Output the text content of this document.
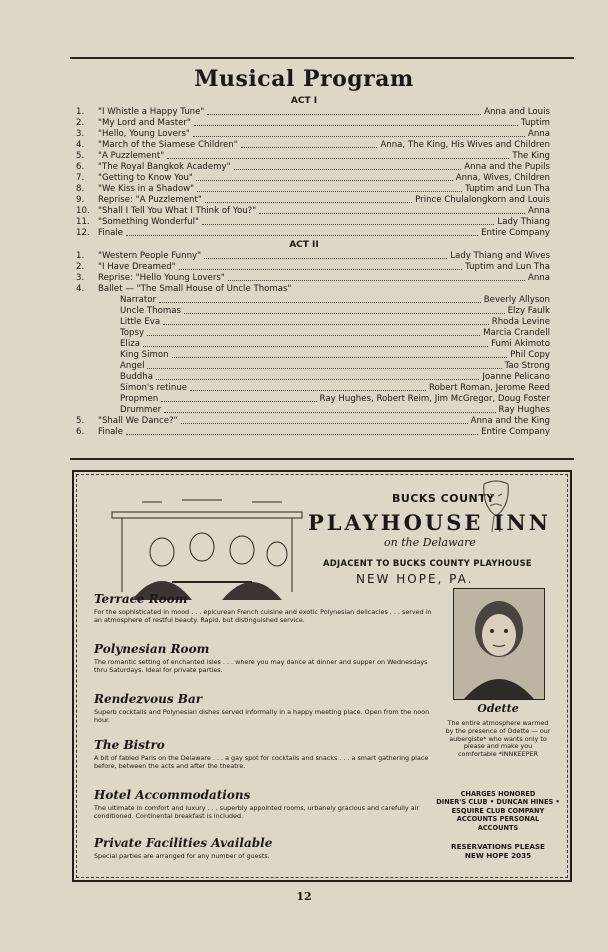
Musical Program
ACT I
1.	"I Whistle a Happy Tune"	Anna and Louis
2.	"My Lord and Master"	Tuptim
3.	"Hello, Young Lovers"	Anna
4.	"March of the Siamese Children"	Anna, The King, His Wives and Children
5.	"A Puzzlement"	The King
6.	"The Royal Bangkok Academy"	Anna and the Pupils
7.	"Getting to Know You"	Anna, Wives, Children
8.	"We Kiss in a Shadow"	Tuptim and Lun Tha
9.	Reprise: "A Puzzlement"	Prince Chulalongkorn and Louis
10. "Shall I Tell You What I Think of You?"	Anna
11. "Something Wonderful"	Lady Thiang
12. Finale	Entire Company
ACT II
1.	"Western People Funny"	Lady Thiang and Wives
2.	"I Have Dreamed"	Tuptim and Lun Tha
3.	Reprise: "Hello Young Lovers"	Anna
4.	Ballet — "The Small House of Uncle Thomas"
Narrator	Beverly Allyson
Uncle Thomas	Elzy Faulk
Little Eva	Rhoda Levine
Topsy	Marcia Crandell
Eliza	Fumi Akimoto
King Simon	Phil Copy
Angel	Tao Strong
Buddha	Joanne Pelicano
Simon's retinue	Robert Roman, Jerome Reed
Propmen	Ray Hughes, Robert Reim, Jim McGregor, Doug Foster
Drummer	Ray Hughes
5.	"Shall We Dance?"	Anna and the King
6.	Finale	Entire Company
BUCKS COUNTY
PLAYHOUSE INN
on the Delaware
ADJACENT TO BUCKS COUNTY PLAYHOUSE
NEW HOPE, PA.
Terrace Room
For the sophisticated in mood . . . epicurean French cuisine and exotic Polynesian delicacies . . . served in an atmosphere of restful beauty. Rapid, but distinguished service.
Polynesian Room
The romantic setting of enchanted isles . . . where you may dance at dinner and supper on Wednesdays thru Saturdays. Ideal for private parties.
Rendezvous Bar
Superb cocktails and Polynesian dishes served informally in a happy meeting place. Open from the noon hour.
The Bistro
A bit of fabled Paris on the Delaware . . . a gay spot for cocktails and snacks . . . a smart gathering place before, between the acts and after the theatre.
Hotel Accommodations
The ultimate in comfort and luxury . . . superbly appointed rooms, urbanely gracious and carefully air conditioned. Continental breakfast is included.
Private Facilities Available
Special parties are arranged for any number of guests.
Odette
The entire atmosphere warmed by the presence of Odette — our aubergiste* who wants only to please and make you comfortable *INNKEEPER
CHARGES HONORED
DINER'S CLUB • DUNCAN HINES • ESQUIRE CLUB COMPANY ACCOUNTS PERSONAL ACCOUNTS
RESERVATIONS PLEASE
NEW HOPE 2035
12
